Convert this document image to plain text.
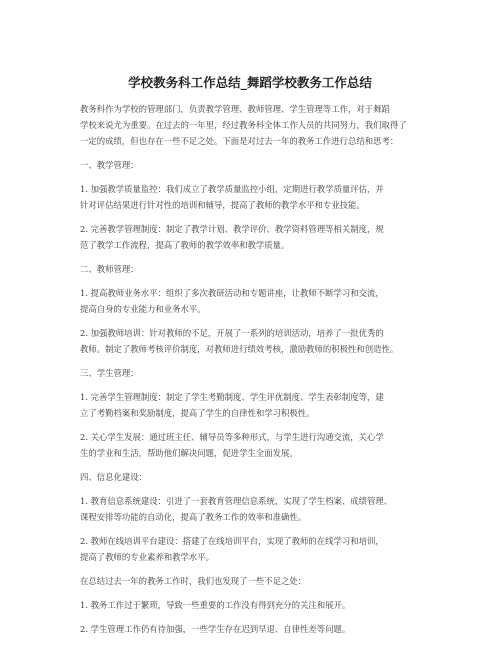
学校教务科工作总结_舞蹈学校教务工作总结
教务科作为学校的管理部门，负责教学管理、教师管理、学生管理等工作，对于舞蹈
学校来说尤为重要。在过去的一年里，经过教务科全体工作人员的共同努力，我们取得了
一定的成绩，但也存在一些不足之处。下面是对过去一年的教务工作进行总结和思考：
一、教学管理：
1. 加强教学质量监控：我们成立了教学质量监控小组，定期进行教学质量评估，并
针对评估结果进行针对性的培训和辅导，提高了教师的教学水平和专业技能。
2. 完善教学管理制度：制定了教学计划、教学评价、教学资料管理等相关制度，规
范了教学工作流程，提高了教师的教学效率和教学质量。
二、教师管理：
1. 提高教师业务水平：组织了多次教研活动和专题讲座，让教师不断学习和交流，
提高自身的专业能力和业务水平。
2. 加强教师培训：针对教师的不足，开展了一系列的培训活动，培养了一批优秀的
教师。制定了教师考核评价制度，对教师进行绩效考核，激励教师的积极性和创造性。
三、学生管理：
1. 完善学生管理制度：制定了学生考勤制度、学生评优制度、学生表彰制度等，建
立了考勤档案和奖励制度，提高了学生的自律性和学习积极性。
2. 关心学生发展：通过班主任、辅导员等多种形式，与学生进行沟通交流，关心学
生的学业和生活，帮助他们解决问题，促进学生全面发展。
四、信息化建设：
1. 教育信息系统建设：引进了一套教育管理信息系统，实现了学生档案、成绩管理、
课程安排等功能的自动化，提高了教务工作的效率和准确性。
2. 教师在线培训平台建设：搭建了在线培训平台，实现了教师的在线学习和培训，
提高了教师的专业素养和教学水平。
在总结过去一年的教务工作时，我们也发现了一些不足之处：
1. 教务工作过于繁琐，导致一些重要的工作没有得到充分的关注和展开。
2. 学生管理工作仍有待加强，一些学生存在迟到早退、自律性差等问题。
